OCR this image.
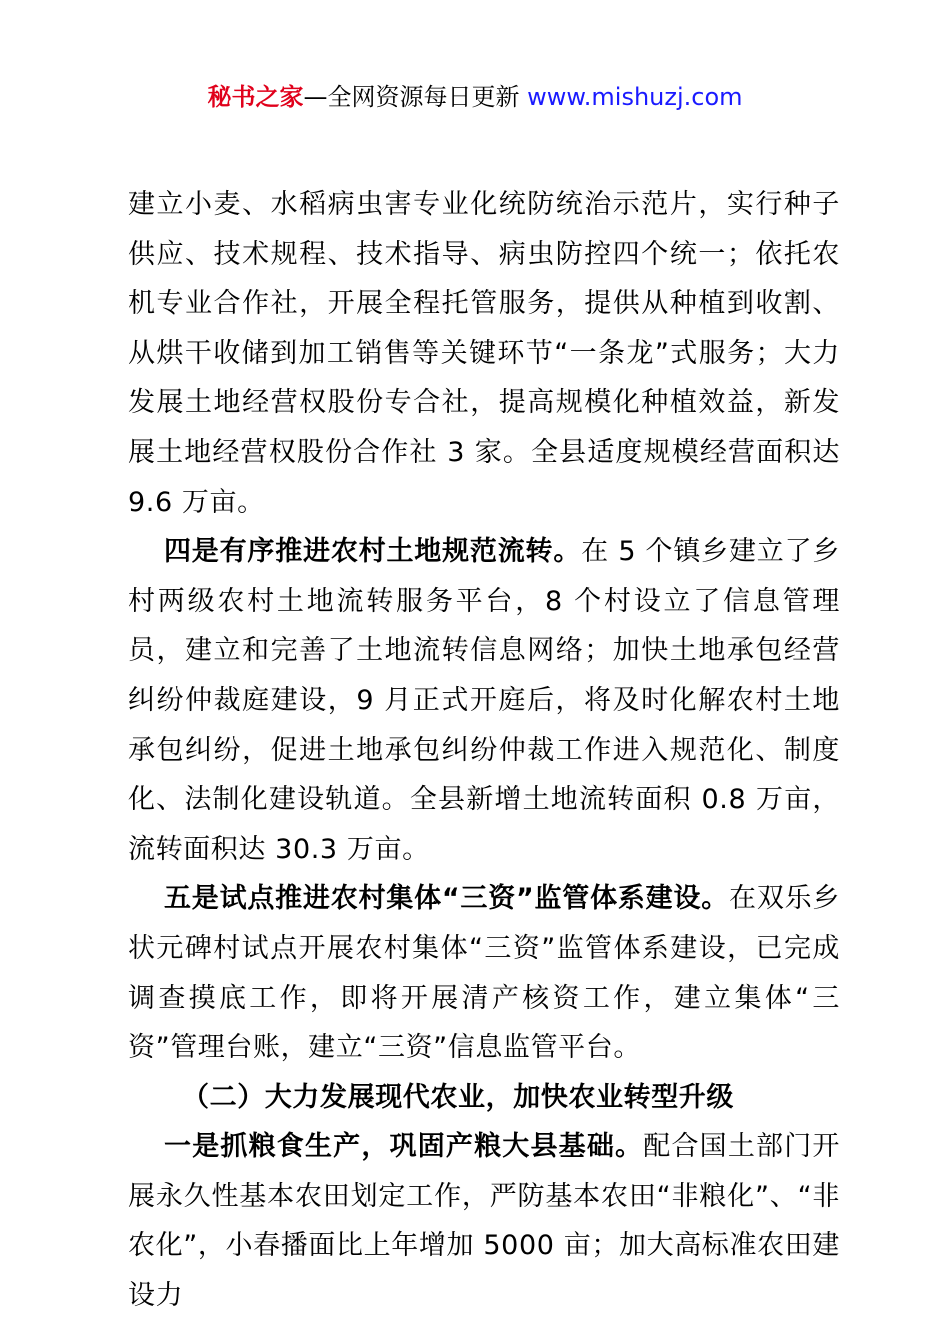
秘书之家—全网资源每日更新 www.mishuzj.com

建立小麦、水稻病虫害专业化统防统治示范片，实行种子供应、技术规程、技术指导、病虫防控四个统一；依托农机专业合作社，开展全程托管服务，提供从种植到收割、从烘干收储到加工销售等关键环节“一条龙”式服务；大力发展土地经营权股份专合社，提高规模化种植效益，新发展土地经营权股份合作社 3 家。全县适度规模经营面积达 9.6 万亩。

四是有序推进农村土地规范流转。在 5 个镇乡建立了乡村两级农村土地流转服务平台，8 个村设立了信息管理员，建立和完善了土地流转信息网络；加快土地承包经营纠纷仲裁庭建设，9 月正式开庭后，将及时化解农村土地承包纠纷，促进土地承包纠纷仲裁工作进入规范化、制度化、法制化建设轨道。全县新增土地流转面积 0.8 万亩，流转面积达 30.3 万亩。

五是试点推进农村集体“三资”监管体系建设。在双乐乡状元碑村试点开展农村集体“三资”监管体系建设，已完成调查摸底工作，即将开展清产核资工作，建立集体“三资”管理台账，建立“三资”信息监管平台。

（二）大力发展现代农业，加快农业转型升级

一是抓粮食生产，巩固产粮大县基础。配合国土部门开展永久性基本农田划定工作，严防基本农田“非粮化”、“非农化”，小春播面比上年增加 5000 亩；加大高标准农田建设力
